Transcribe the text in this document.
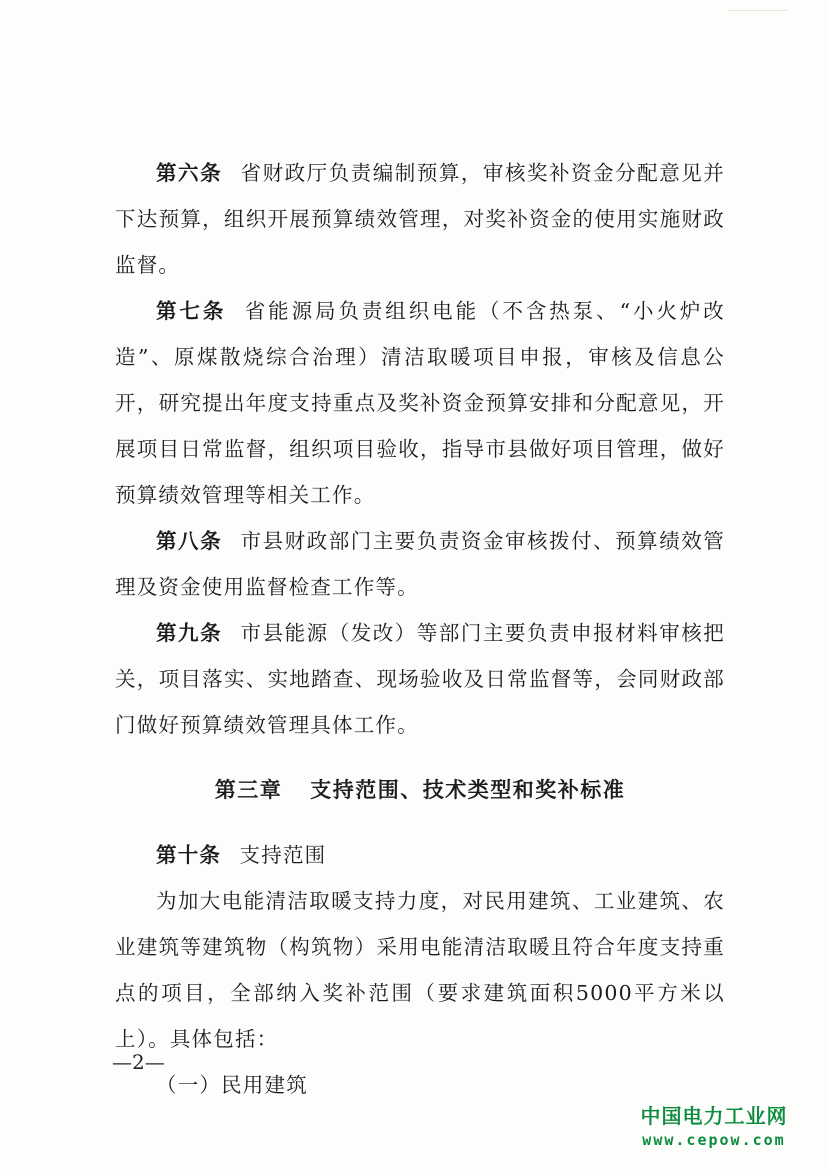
第六条 省财政厅负责编制预算，审核奖补资金分配意见并下达预算，组织开展预算绩效管理，对奖补资金的使用实施财政监督。

第七条 省能源局负责组织电能（不含热泵、“小火炉改造”、原煤散烧综合治理）清洁取暖项目申报，审核及信息公开，研究提出年度支持重点及奖补资金预算安排和分配意见，开展项目日常监督，组织项目验收，指导市县做好项目管理，做好预算绩效管理等相关工作。

第八条 市县财政部门主要负责资金审核拨付、预算绩效管理及资金使用监督检查工作等。

第九条 市县能源（发改）等部门主要负责申报材料审核把关，项目落实、实地踏查、现场验收及日常监督等，会同财政部门做好预算绩效管理具体工作。

第三章 支持范围、技术类型和奖补标准

第十条 支持范围

为加大电能清洁取暖支持力度，对民用建筑、工业建筑、农业建筑等建筑物（构筑物）采用电能清洁取暖且符合年度支持重点的项目，全部纳入奖补范围（要求建筑面积5000平方米以上）。具体包括：

（一）民用建筑

—2—
中国电力工业网
www.cepow.com
